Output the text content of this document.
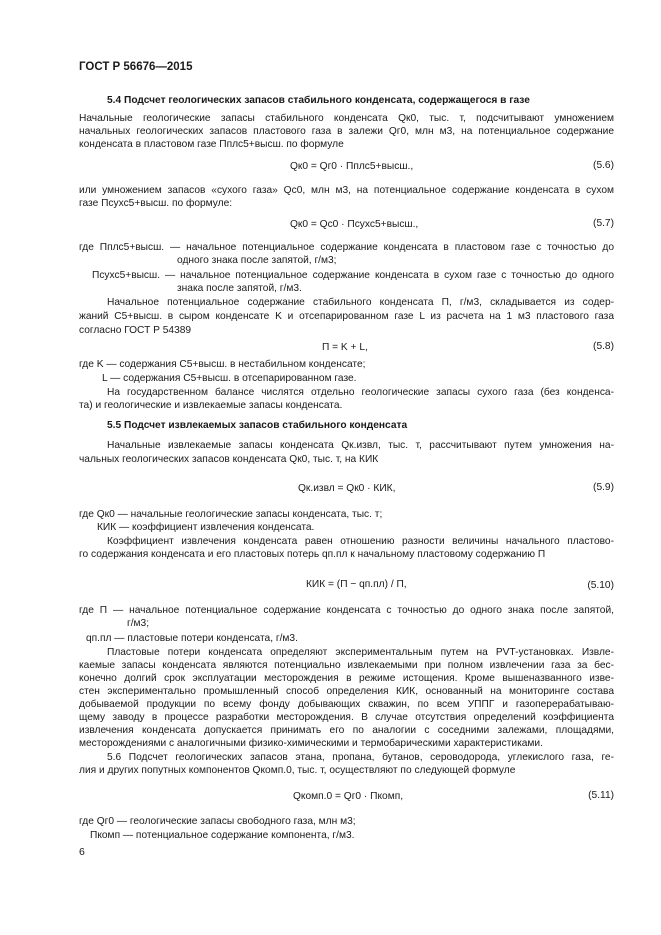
ГОСТ Р 56676—2015
5.4 Подсчет геологических запасов стабильного конденсата, содержащегося в газе
Начальные геологические запасы стабильного конденсата Qк0, тыс. т, подсчитывают умножением
начальных геологических запасов пластового газа в залежи Qг0, млн м3, на потенциальное содержание
конденсата в пластовом газе Пплс5+высш. по формуле
Qк0 = Qг0 · Пплс5+высш.,	(5.6)
или умножением запасов «сухого газа» Qc0, млн м3, на потенциальное содержание конденсата в сухом
газе Псухс5+высш. по формуле:
Qк0 = Qc0 · Псухс5+высш.,	(5.7)
где Пплс5+высш. — начальное потенциальное содержание конденсата в пластовом газе с точностью до
одного знака после запятой, г/м3;
Псухс5+высш. — начальное потенциальное содержание конденсата в сухом газе с точностью до одного
знака после запятой, г/м3.
Начальное потенциальное содержание стабильного конденсата П, г/м3, складывается из содер-
жаний C5+высш. в сыром конденсате K и отсепарированном газе L из расчета на 1 м3 пластового газа
согласно ГОСТ Р 54389
П = K + L,	(5.8)
где K — содержания C5+высш. в нестабильном конденсате;
L — содержания C5+высш. в отсепарированном газе.
На государственном балансе числятся отдельно геологические запасы сухого газа (без конденса-
та) и геологические и извлекаемые запасы конденсата.
5.5 Подсчет извлекаемых запасов стабильного конденсата
Начальные извлекаемые запасы конденсата Qк.извл, тыс. т, рассчитывают путем умножения на-
чальных геологических запасов конденсата Qк0, тыс. т, на КИК
Qк.извл = Qк0 · КИК,	(5.9)
где Qк0 — начальные геологические запасы конденсата, тыс. т;
КИК — коэффициент извлечения конденсата.
Коэффициент извлечения конденсата равен отношению разности величины начального пластово-
го содержания конденсата и его пластовых потерь qп.пл к начальному пластовому содержанию П
КИК = (П − qп.пл) / П,	(5.10)
где П — начальное потенциальное содержание конденсата с точностью до одного знака после запятой,
г/м3;
qп.пл — пластовые потери конденсата, г/м3.
Пластовые потери конденсата определяют экспериментальным путем на PVT-установках. Извле-
каемые запасы конденсата являются потенциально извлекаемыми при полном извлечении газа за бес-
конечно долгий срок эксплуатации месторождения в режиме истощения. Кроме вышеназванного изве-
стен экспериментально промышленный способ определения КИК, основанный на мониторинге состава
добываемой продукции по всему фонду добывающих скважин, по всем УППГ и газоперерабатываю-
щему заводу в процессе разработки месторождения. В случае отсутствия определений коэффициента
извлечения конденсата допускается принимать его по аналогии с соседними залежами, площадями,
месторождениями с аналогичными физико-химическими и термобарическими характеристиками.
5.6 Подсчет геологических запасов этана, пропана, бутанов, сероводорода, углекислого газа, ге-
лия и других попутных компонентов Qкомп.0, тыс. т, осуществляют по следующей формуле
Qкомп.0 = Qг0 · Пкомп,	(5.11)
где Qг0 — геологические запасы свободного газа, млн м3;
Пкомп — потенциальное содержание компонента, г/м3.
6
